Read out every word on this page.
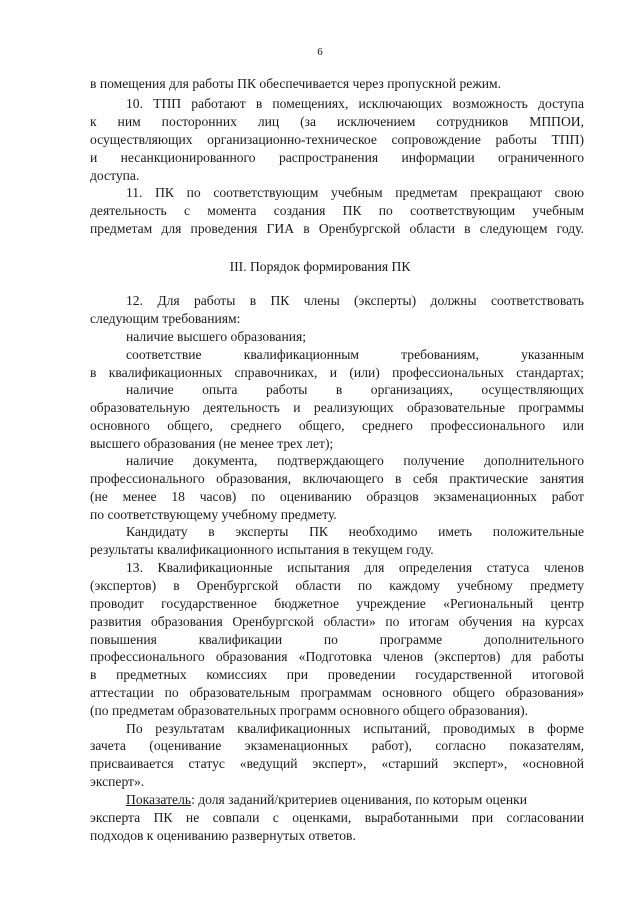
6
в помещения для работы ПК обеспечивается через пропускной режим.
10. ТПП работают в помещениях, исключающих возможность доступа
к ним посторонних лиц (за исключением сотрудников МППОИ,
осуществляющих организационно-техническое сопровождение работы ТПП)
и несанкционированного распространения информации ограниченного
доступа.
11. ПК по соответствующим учебным предметам прекращают свою
деятельность с момента создания ПК по соответствующим учебным
предметам для проведения ГИА в Оренбургской области в следующем году.
III. Порядок формирования ПК
12. Для работы в ПК члены (эксперты) должны соответствовать
следующим требованиям:
наличие высшего образования;
соответствие квалификационным требованиям, указанным
в квалификационных справочниках, и (или) профессиональных стандартах;
наличие опыта работы в организациях, осуществляющих
образовательную деятельность и реализующих образовательные программы
основного общего, среднего общего, среднего профессионального или
высшего образования (не менее трех лет);
наличие документа, подтверждающего получение дополнительного
профессионального образования, включающего в себя практические занятия
(не менее 18 часов) по оцениванию образцов экзаменационных работ
по соответствующему учебному предмету.
Кандидату в эксперты ПК необходимо иметь положительные
результаты квалификационного испытания в текущем году.
13. Квалификационные испытания для определения статуса членов
(экспертов) в Оренбургской области по каждому учебному предмету
проводит государственное бюджетное учреждение «Региональный центр
развития образования Оренбургской области» по итогам обучения на курсах
повышения квалификации по программе дополнительного
профессионального образования «Подготовка членов (экспертов) для работы
в предметных комиссиях при проведении государственной итоговой
аттестации по образовательным программам основного общего образования»
(по предметам образовательных программ основного общего образования).
По результатам квалификационных испытаний, проводимых в форме
зачета (оценивание экзаменационных работ), согласно показателям,
присваивается статус «ведущий эксперт», «старший эксперт», «основной
эксперт».
Показатель: доля заданий/критериев оценивания, по которым оценки
эксперта ПК не совпали с оценками, выработанными при согласовании
подходов к оцениванию развернутых ответов.
